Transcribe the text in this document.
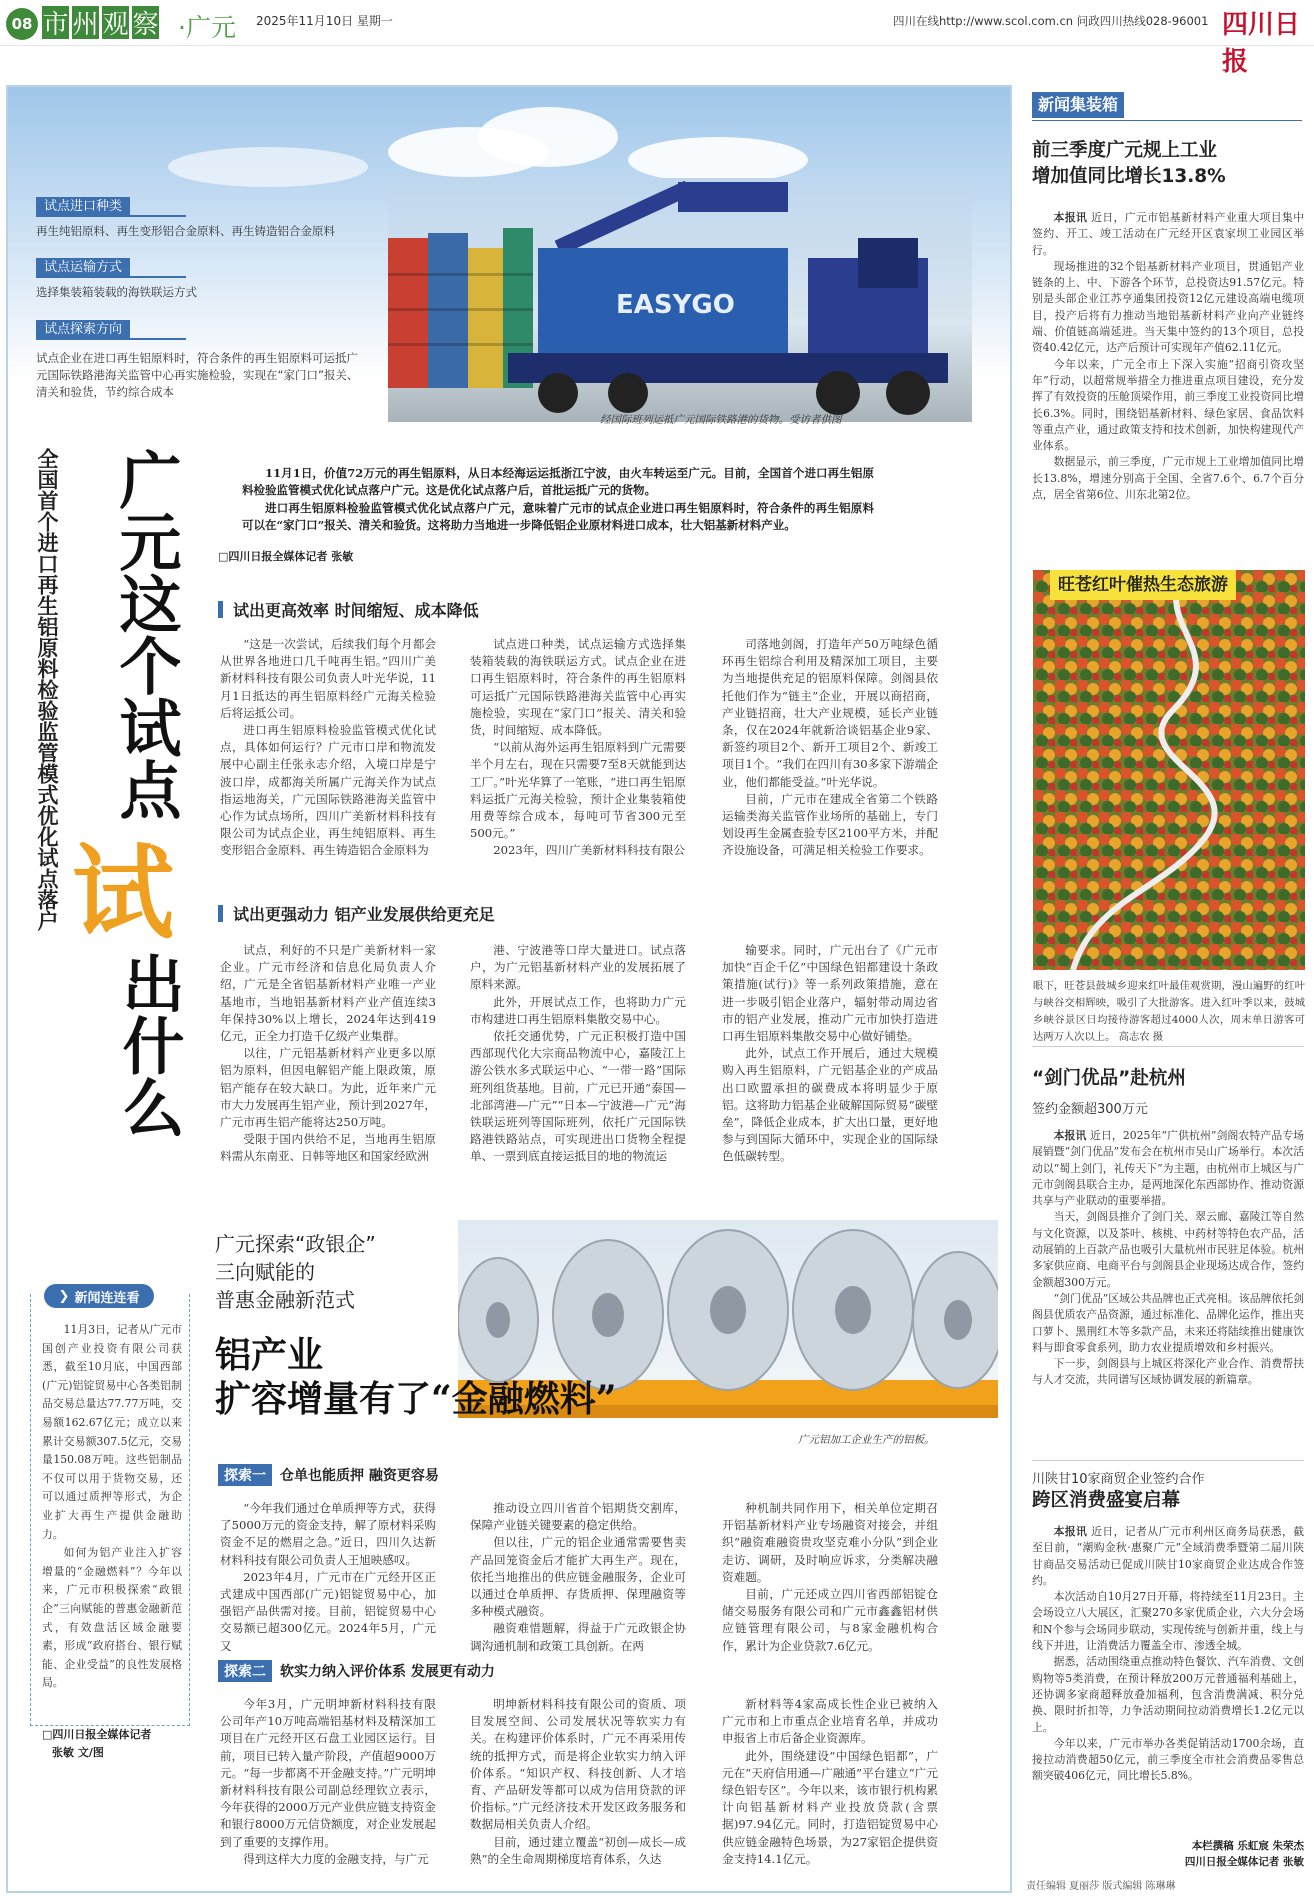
08 市 州 观 察 ·广元 2025年11月10日 星期一	四川在线http://www.scol.com.cn 问政四川热线028-96001 四川日报
试点进口种类
再生纯铝原料、再生变形铝合金原料、再生铸造铝合金原料
试点运输方式
选择集装箱装载的海铁联运方式
试点探索方向
试点企业在进口再生铝原料时，符合条件的再生铝原料可运抵广元国际铁路港海关监管中心再实施检验，实现在“家门口”报关、清关和验货，节约综合成本
EASYGO
经国际班列运抵广元国际铁路港的货物。受访者供图
全国首个进口再生铝原料检验监管模式优化试点落户 广元这个试点
试
出什么

11月1日，价值72万元的再生铝原料，从日本经海运运抵浙江宁波，由火车转运至广元。目前，全国首个进口再生铝原料检验监管模式优化试点落户广元。这是优化试点落户后，首批运抵广元的货物。

进口再生铝原料检验监管模式优化试点落户广元，意味着广元市的试点企业进口再生铝原料时，符合条件的再生铝原料可以在“家门口”报关、清关和验货。这将助力当地进一步降低铝企业原材料进口成本，壮大铝基新材料产业。

□四川日报全媒体记者 张敏
试出更高效率 时间缩短、成本降低

“这是一次尝试，后续我们每个月都会从世界各地进口几千吨再生铝。”四川广美新材料科技有限公司负责人叶光华说，11月1日抵达的再生铝原料经广元海关检验后将运抵公司。

进口再生铝原料检验监管模式优化试点，具体如何运行？广元市口岸和物流发展中心副主任张永志介绍，入境口岸是宁波口岸，成都海关所属广元海关作为试点指运地海关，广元国际铁路港海关监管中心作为试点场所，四川广美新材料科技有限公司为试点企业，再生纯铝原料、再生变形铝合金原料、再生铸造铝合金原料为

试点进口种类，试点运输方式选择集装箱装载的海铁联运方式。试点企业在进口再生铝原料时，符合条件的再生铝原料可运抵广元国际铁路港海关监管中心再实施检验，实现在“家门口”报关、清关和验货，时间缩短、成本降低。

“以前从海外运再生铝原料到广元需要半个月左右，现在只需要7至8天就能到达工厂。”叶光华算了一笔账，“进口再生铝原料运抵广元海关检验，预计企业集装箱使用费等综合成本，每吨可节省300元至500元。”

2023年，四川广美新材料科技有限公

司落地剑阁，打造年产50万吨绿色循环再生铝综合利用及精深加工项目，主要为当地提供充足的铝原料保障。剑阁县依托他们作为“链主”企业，开展以商招商，产业链招商，壮大产业规模，延长产业链条，仅在2024年就新洽谈铝基企业9家、新签约项目2个、新开工项目2个、新竣工项目1个。“我们在四川有30多家下游端企业，他们都能受益。”叶光华说。

目前，广元市在建成全省第二个铁路运输类海关监管作业场所的基础上，专门划设再生金属查验专区2100平方米，并配齐设施设备，可满足相关检验工作要求。

试出更强动力 铝产业发展供给更充足

试点，利好的不只是广美新材料一家企业。广元市经济和信息化局负责人介绍，广元是全省铝基新材料产业唯一产业基地市，当地铝基新材料产业产值连续3年保持30%以上增长，2024年达到419亿元，正全力打造千亿级产业集群。

以往，广元铝基新材料产业更多以原铝为原料，但因电解铝产能上限政策，原铝产能存在较大缺口。为此，近年来广元市大力发展再生铝产业，预计到2027年，广元市再生铝产能将达250万吨。

受限于国内供给不足，当地再生铝原料需从东南亚、日韩等地区和国家经欧洲

港、宁波港等口岸大量进口。试点落户，为广元铝基新材料产业的发展拓展了原料来源。

此外，开展试点工作，也将助力广元市构建进口再生铝原料集散交易中心。

依托交通优势，广元正积极打造中国西部现代化大宗商品物流中心，嘉陵江上游公铁水多式联运中心、“一带一路”国际班列组货基地。目前，广元已开通“泰国—北部湾港—广元”“日本—宁波港—广元”海铁联运班列等国际班列，依托广元国际铁路港铁路站点，可实现进出口货物全程提单、一票到底直接运抵目的地的物流运

输要求。同时，广元出台了《广元市加快“百企千亿”中国绿色铝都建设十条政策措施(试行)》等一系列政策措施，意在进一步吸引铝企业落户，辐射带动周边省市的铝产业发展，推动广元市加快打造进口再生铝原料集散交易中心做好铺垫。

此外，试点工作开展后，通过大规模购入再生铝原料，广元铝基企业的产成品出口欧盟承担的碳费成本将明显少于原铝。这将助力铝基企业破解国际贸易“碳壁垒”，降低企业成本，扩大出口量，更好地参与到国际大循环中，实现企业的国际绿色低碳转型。

❯ 新闻连连看

11月3日，记者从广元市国创产业投资有限公司获悉，截至10月底，中国西部(广元)铝锭贸易中心各类铝制品交易总量达77.77万吨，交易额162.67亿元；成立以来累计交易额307.5亿元，交易量150.08万吨。这些铝制品不仅可以用于货物交易，还可以通过质押等形式，为企业扩大再生产提供金融助力。

如何为铝产业注入扩容增量的“金融燃料”？今年以来，广元市积极探索“政银企”三向赋能的普惠金融新范式，有效盘活区域金融要素，形成“政府搭台、银行赋能、企业受益”的良性发展格局。

□四川日报全媒体记者
张敏 文/图
广元探索“政银企”
三向赋能的
普惠金融新范式
铝产业
扩容增量有了“金融燃料”
广元铝加工企业生产的铝板。
探索一	仓单也能质押 融资更容易

“今年我们通过仓单质押等方式，获得了5000万元的资金支持，解了原材料采购资金不足的燃眉之急。”近日，四川久达新材料科技有限公司负责人王旭映感叹。

2023年4月，广元市在广元经开区正式建成中国西部(广元)铝锭贸易中心，加强铝产品供需对接。目前，铝锭贸易中心交易额已超300亿元。2024年5月，广元又

推动设立四川省首个铝期货交割库，保障产业链关键要素的稳定供给。

但以往，广元的铝企业通常需要售卖产品回笼资金后才能扩大再生产。现在，依托当地推出的供应链金融服务，企业可以通过仓单质押、存货质押、保理融资等多种模式融资。

融资难惜题解，得益于广元政银企协调沟通机制和政策工具创新。在两

种机制共同作用下，相关单位定期召开铝基新材料产业专场融资对接会，并组织“融资难融资贵攻坚克难小分队”到企业走访、调研，及时响应诉求，分类解决融资难题。

目前，广元还成立四川省西部铝锭仓储交易服务有限公司和广元市鑫鑫铝材供应链管理有限公司，与8家金融机构合作，累计为企业贷款7.6亿元。

探索二	软实力纳入评价体系 发展更有动力

今年3月，广元明坤新材料科技有限公司年产10万吨高端铝基材料及精深加工项目在广元经开区石盘工业园区运行。目前，项目已转入量产阶段，产值超9000万元。“每一步都离不开金融支持。”广元明坤新材料科技有限公司副总经理钦立表示，今年获得的2000万元产业供应链支持资金和银行8000万元信贷额度，对企业发展起到了重要的支撑作用。

得到这样大力度的金融支持，与广元

明坤新材料科技有限公司的资质、项目发展空间、公司发展状况等软实力有关。在构建评价体系时，广元不再采用传统的抵押方式，而是将企业软实力纳入评价体系。“知识产权、科技创新、人才培育、产品研发等都可以成为信用贷款的评价指标。”广元经济技术开发区政务服务和数据局相关负责人介绍。

目前，通过建立覆盖“初创—成长—成熟”的全生命周期梯度培育体系，久达

新材料等4家高成长性企业已被纳入广元市和上市重点企业培育名单，并成功申报省上市后备企业资源库。

此外，围绕建设“中国绿色铝都”，广元在“天府信用通—广融通”平台建立“广元绿色铝专区”。今年以来，该市银行机构累计向铝基新材料产业投放贷款(含票据)97.94亿元。同时，打造铝锭贸易中心供应链金融特色场景，为27家铝企提供资金支持14.1亿元。

新闻集装箱
前三季度广元规上工业
增加值同比增长13.8%

本报讯 近日，广元市铝基新材料产业重大项目集中签约、开工、竣工活动在广元经开区袁家坝工业园区举行。

现场推进的32个铝基新材料产业项目，贯通铝产业链条的上、中、下游各个环节，总投资达91.57亿元。特别是头部企业江苏亨通集团投资12亿元建设高端电缆项目，投产后将有力推动当地铝基新材料产业向产业链终端、价值链高端延进。当天集中签约的13个项目，总投资40.42亿元，达产后预计可实现年产值62.11亿元。

今年以来，广元全市上下深入实施“招商引资攻坚年”行动，以超常规举措全力推进重点项目建设，充分发挥了有效投资的压舱顶梁作用，前三季度工业投资同比增长6.3%。同时，围绕铝基新材料、绿色家居、食品饮料等重点产业，通过政策支持和技术创新，加快构建现代产业体系。

数据显示，前三季度，广元市规上工业增加值同比增长13.8%，增速分别高于全国、全省7.6个、6.7个百分点，居全省第6位、川东北第2位。

旺苍红叶催热生态旅游
眼下，旺苍县鼓城乡迎来红叶最佳观赏期，漫山遍野的红叶与峡谷交相辉映，吸引了大批游客。进入红叶季以来，鼓城乡峡谷景区日均接待游客超过4000人次，周末单日游客可达两万人次以上。 高志农 摄
“剑门优品”赴杭州
签约金额超300万元

本报讯 近日，2025年“广供杭州”剑阁农特产品专场展销暨“剑门优品”发布会在杭州市吴山广场举行。本次活动以“蜀上剑门，礼传天下”为主题，由杭州市上城区与广元市剑阁县联合主办，是两地深化东西部协作、推动资源共享与产业联动的重要举措。

当天，剑阁县推介了剑门关、翠云廊、嘉陵江等自然与文化资源，以及茶叶、核桃、中药材等特色农产品，活动展销的上百款产品也吸引大量杭州市民驻足体验。杭州多家供应商、电商平台与剑阁县企业现场达成合作，签约金额超300万元。

“剑门优品”区域公共品牌也正式亮相。该品牌依托剑阁县优质农产品资源，通过标准化、品牌化运作，推出夹口萝卜、黑荆红木等多款产品，未来还将陆续推出健康饮料与即食零食系列，助力农业提质增效和乡村振兴。

下一步，剑阁县与上城区将深化产业合作、消费帮扶与人才交流，共同谱写区域协调发展的新篇章。

川陕甘10家商贸企业签约合作
跨区消费盛宴启幕

本报讯 近日，记者从广元市利州区商务局获悉，截至目前，“潮购金秋·惠聚广元”全域消费季暨第二届川陕甘商品交易活动已促成川陕甘10家商贸企业达成合作签约。

本次活动自10月27日开幕，将持续至11月23日。主会场设立八大展区，汇聚270多家优质企业，六大分会场和N个参与会场同步联动，实现传统与创新并重，线上与线下并进，让消费活力覆盖全市、渗透全城。

据悉，活动围绕重点推动特色餐饮、汽车消费、文创购物等5类消费，在预计释放200万元普通福利基础上，还协调多家商超释放叠加福利，包含消费满减、积分兑换、限时折扣等，力争活动期间拉动消费增长1.2亿元以上。

今年以来，广元市举办各类促销活动1700余场，直接拉动消费超50亿元，前三季度全市社会消费品零售总额突破406亿元，同比增长5.8%。

本栏撰稿 乐虹宸 朱荣杰
四川日报全媒体记者 张敏
责任编辑 夏丽莎 版式编辑 陈琳琳
